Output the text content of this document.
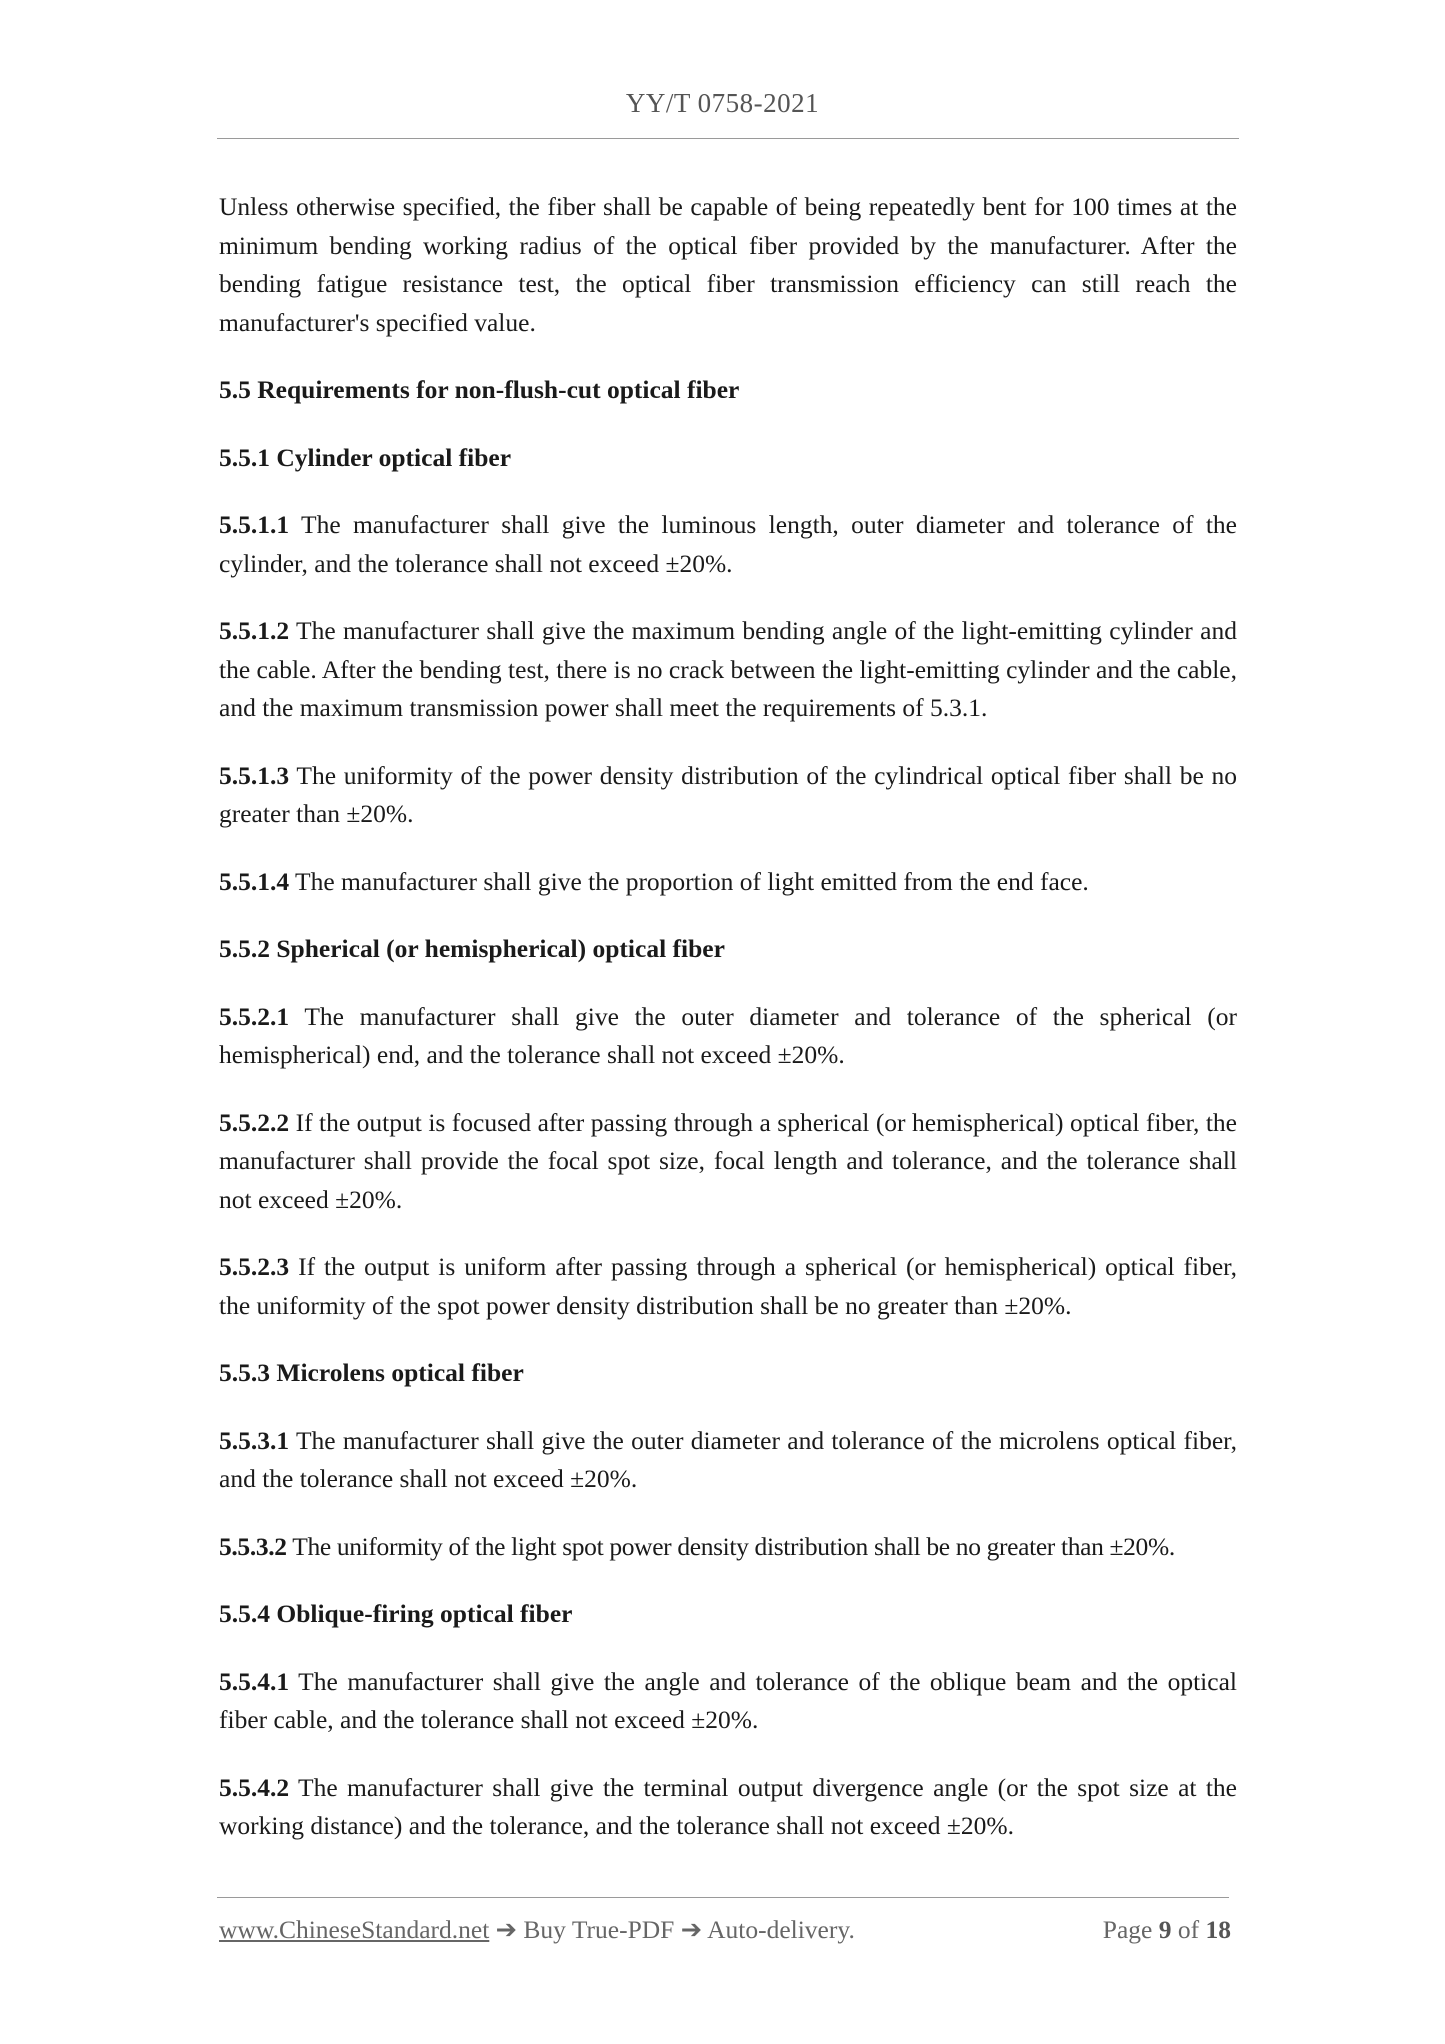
YY/T 0758-2021

Unless otherwise specified, the fiber shall be capable of being repeatedly bent for 100 times at the minimum bending working radius of the optical fiber provided by the manufacturer. After the bending fatigue resistance test, the optical fiber transmission efficiency can still reach the manufacturer's specified value.

5.5 Requirements for non-flush-cut optical fiber

5.5.1 Cylinder optical fiber

5.5.1.1 The manufacturer shall give the luminous length, outer diameter and tolerance of the cylinder, and the tolerance shall not exceed ±20%.

5.5.1.2 The manufacturer shall give the maximum bending angle of the light-emitting cylinder and the cable. After the bending test, there is no crack between the light-emitting cylinder and the cable, and the maximum transmission power shall meet the requirements of 5.3.1.

5.5.1.3 The uniformity of the power density distribution of the cylindrical optical fiber shall be no greater than ±20%.

5.5.1.4 The manufacturer shall give the proportion of light emitted from the end face.

5.5.2 Spherical (or hemispherical) optical fiber

5.5.2.1 The manufacturer shall give the outer diameter and tolerance of the spherical (or hemispherical) end, and the tolerance shall not exceed ±20%.

5.5.2.2 If the output is focused after passing through a spherical (or hemispherical) optical fiber, the manufacturer shall provide the focal spot size, focal length and tolerance, and the tolerance shall not exceed ±20%.

5.5.2.3 If the output is uniform after passing through a spherical (or hemispherical) optical fiber, the uniformity of the spot power density distribution shall be no greater than ±20%.

5.5.3 Microlens optical fiber

5.5.3.1 The manufacturer shall give the outer diameter and tolerance of the microlens optical fiber, and the tolerance shall not exceed ±20%.

5.5.3.2 The uniformity of the light spot power density distribution shall be no greater than ±20%.

5.5.4 Oblique-firing optical fiber

5.5.4.1 The manufacturer shall give the angle and tolerance of the oblique beam and the optical fiber cable, and the tolerance shall not exceed ±20%.

5.5.4.2 The manufacturer shall give the terminal output divergence angle (or the spot size at the working distance) and the tolerance, and the tolerance shall not exceed ±20%.

www.ChineseStandard.net ➔ Buy True-PDF ➔ Auto-delivery.	Page 9 of 18
